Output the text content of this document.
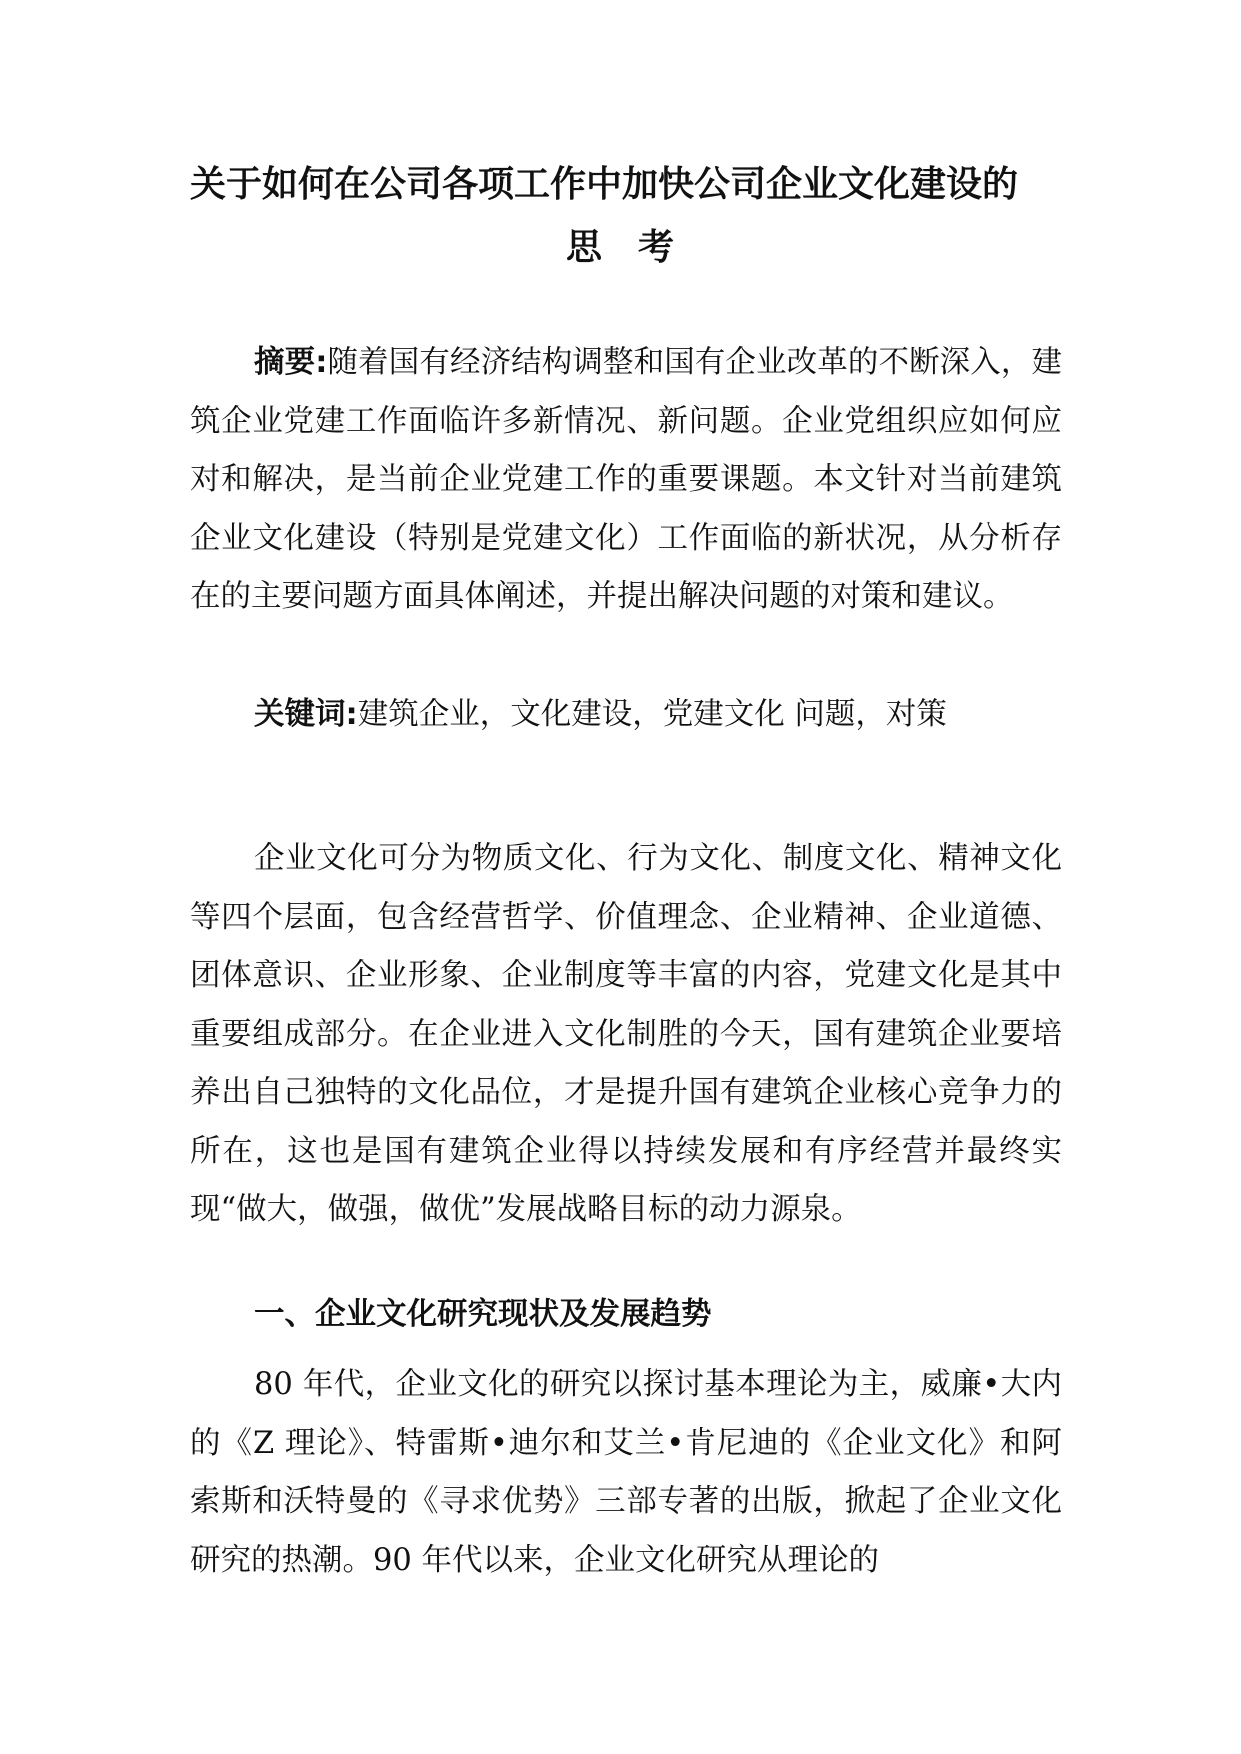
关于如何在公司各项工作中加快公司企业文化建设的
思考
摘要:随着国有经济结构调整和国有企业改革的不断深入，建筑企业党建工作面临许多新情况、新问题。企业党组织应如何应对和解决，是当前企业党建工作的重要课题。本文针对当前建筑企业文化建设（特别是党建文化）工作面临的新状况，从分析存在的主要问题方面具体阐述，并提出解决问题的对策和建议。
关键词:建筑企业，文化建设，党建文化 问题，对策
企业文化可分为物质文化、行为文化、制度文化、精神文化等四个层面，包含经营哲学、价值理念、企业精神、企业道德、团体意识、企业形象、企业制度等丰富的内容，党建文化是其中重要组成部分。在企业进入文化制胜的今天，国有建筑企业要培养出自己独特的文化品位，才是提升国有建筑企业核心竞争力的所在，这也是国有建筑企业得以持续发展和有序经营并最终实现“做大，做强，做优”发展战略目标的动力源泉。
一、企业文化研究现状及发展趋势
80 年代，企业文化的研究以探讨基本理论为主，威廉•大内的《Z 理论》、特雷斯•迪尔和艾兰•肯尼迪的《企业文化》和阿索斯和沃特曼的《寻求优势》三部专著的出版，掀起了企业文化研究的热潮。90 年代以来，企业文化研究从理论的
